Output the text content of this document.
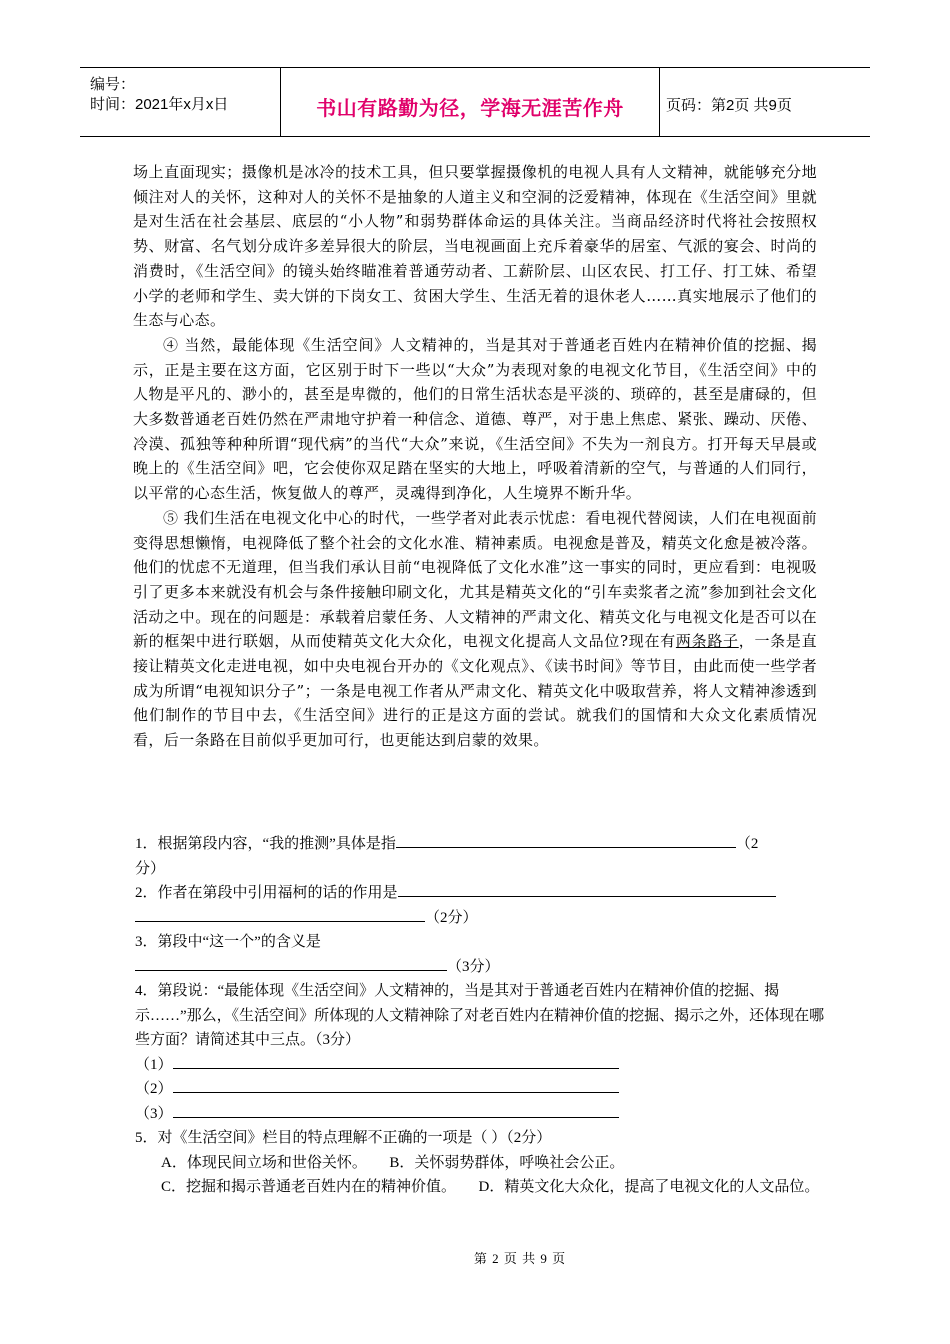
编号：
时间：2021年x月x日	书山有路勤为径，学海无涯苦作舟	页码：第2页 共9页

场上直面现实；摄像机是冰冷的技术工具，但只要掌握摄像机的电视人具有人文精神，就能够充分地倾注对人的关怀，这种对人的关怀不是抽象的人道主义和空洞的泛爱精神，体现在《生活空间》里就是对生活在社会基层、底层的“小人物”和弱势群体命运的具体关注。当商品经济时代将社会按照权势、财富、名气划分成许多差异很大的阶层，当电视画面上充斥着豪华的居室、气派的宴会、时尚的消费时，《生活空间》的镜头始终瞄准着普通劳动者、工薪阶层、山区农民、打工仔、打工妹、希望小学的老师和学生、卖大饼的下岗女工、贫困大学生、生活无着的退休老人……真实地展示了他们的生态与心态。

④ 当然，最能体现《生活空间》人文精神的，当是其对于普通老百姓内在精神价值的挖掘、揭示，正是主要在这方面，它区别于时下一些以“大众”为表现对象的电视文化节目，《生活空间》中的人物是平凡的、渺小的，甚至是卑微的，他们的日常生活状态是平淡的、琐碎的，甚至是庸碌的，但大多数普通老百姓仍然在严肃地守护着一种信念、道德、尊严，对于患上焦虑、紧张、躁动、厌倦、冷漠、孤独等种种所谓“现代病”的当代“大众”来说，《生活空间》不失为一剂良方。打开每天早晨或晚上的《生活空间》吧，它会使你双足踏在坚实的大地上，呼吸着清新的空气，与普通的人们同行，以平常的心态生活，恢复做人的尊严，灵魂得到净化，人生境界不断升华。

⑤ 我们生活在电视文化中心的时代，一些学者对此表示忧虑：看电视代替阅读，人们在电视面前变得思想懒惰，电视降低了整个社会的文化水准、精神素质。电视愈是普及，精英文化愈是被冷落。他们的忧虑不无道理，但当我们承认目前“电视降低了文化水准”这一事实的同时，更应看到：电视吸引了更多本来就没有机会与条件接触印刷文化，尤其是精英文化的“引车卖浆者之流”参加到社会文化活动之中。现在的问题是：承载着启蒙任务、人文精神的严肃文化、精英文化与电视文化是否可以在新的框架中进行联姻，从而使精英文化大众化，电视文化提高人文品位?现在有两条路子，一条是直接让精英文化走进电视，如中央电视台开办的《文化观点》、《读书时间》等节目，由此而使一些学者成为所谓“电视知识分子”；一条是电视工作者从严肃文化、精英文化中吸取营养，将人文精神渗透到他们制作的节目中去，《生活空间》进行的正是这方面的尝试。就我们的国情和大众文化素质情况看，后一条路在目前似乎更加可行，也更能达到启蒙的效果。

1．根据第段内容，“我的推测”具体是指	（2

分）

2．作者在第段中引用福柯的话的作用是

（2分）

3．第段中“这一个”的含义是

（3分）

4．第段说：“最能体现《生活空间》人文精神的，当是其对于普通老百姓内在精神价值的挖掘、揭示……”那么，《生活空间》所体现的人文精神除了对老百姓内在精神价值的挖掘、揭示之外，还体现在哪些方面？请简述其中三点。（3分）

（1）

（2）

（3）

5．对《生活空间》栏目的特点理解不正确的一项是（ ）（2分）

A．体现民间立场和世俗关怀。 B．关怀弱势群体，呼唤社会公正。

C．挖掘和揭示普通老百姓内在的精神价值。 D．精英文化大众化，提高了电视文化的人文品位。

第 2 页 共 9 页
